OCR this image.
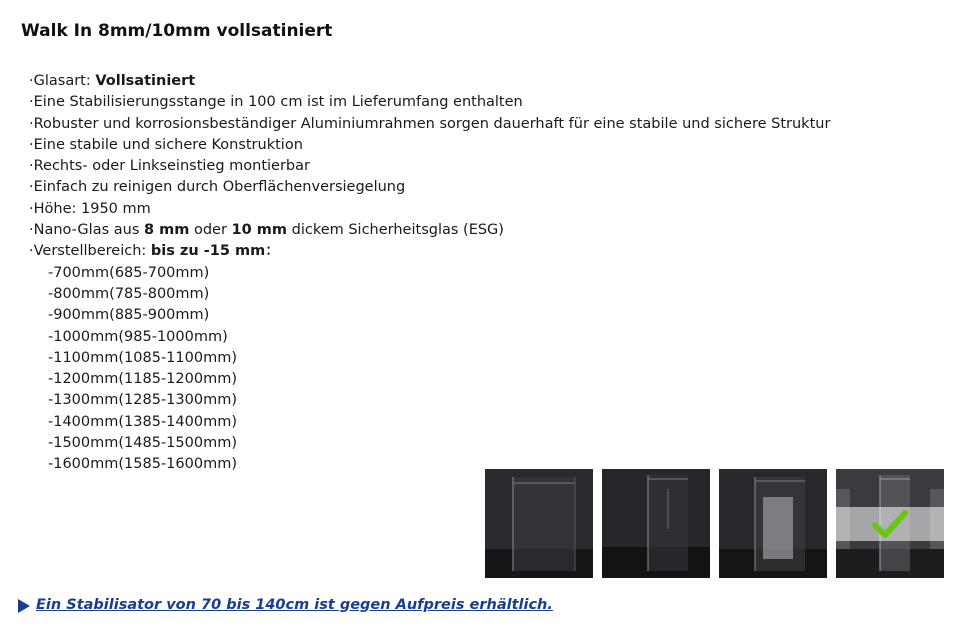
Walk In 8mm/10mm vollsatiniert
·Glasart: Vollsatiniert
·Eine Stabilisierungsstange in 100 cm ist im Lieferumfang enthalten
·Robuster und korrosionsbeständiger Aluminiumrahmen sorgen dauerhaft für eine stabile und sichere Struktur
·Eine stabile und sichere Konstruktion
·Rechts- oder Linkseinstieg montierbar
·Einfach zu reinigen durch Oberflächenversiegelung
·Höhe: 1950 mm
·Nano-Glas aus 8 mm oder 10 mm dickem Sicherheitsglas (ESG)
·Verstellbereich: bis zu -15 mm：
-700mm(685-700mm)
-800mm(785-800mm)
-900mm(885-900mm)
-1000mm(985-1000mm)
-1100mm(1085-1100mm)
-1200mm(1185-1200mm)
-1300mm(1285-1300mm)
-1400mm(1385-1400mm)
-1500mm(1485-1500mm)
-1600mm(1585-1600mm)
Ein Stabilisator von 70 bis 140cm ist gegen Aufpreis erhältlich.
